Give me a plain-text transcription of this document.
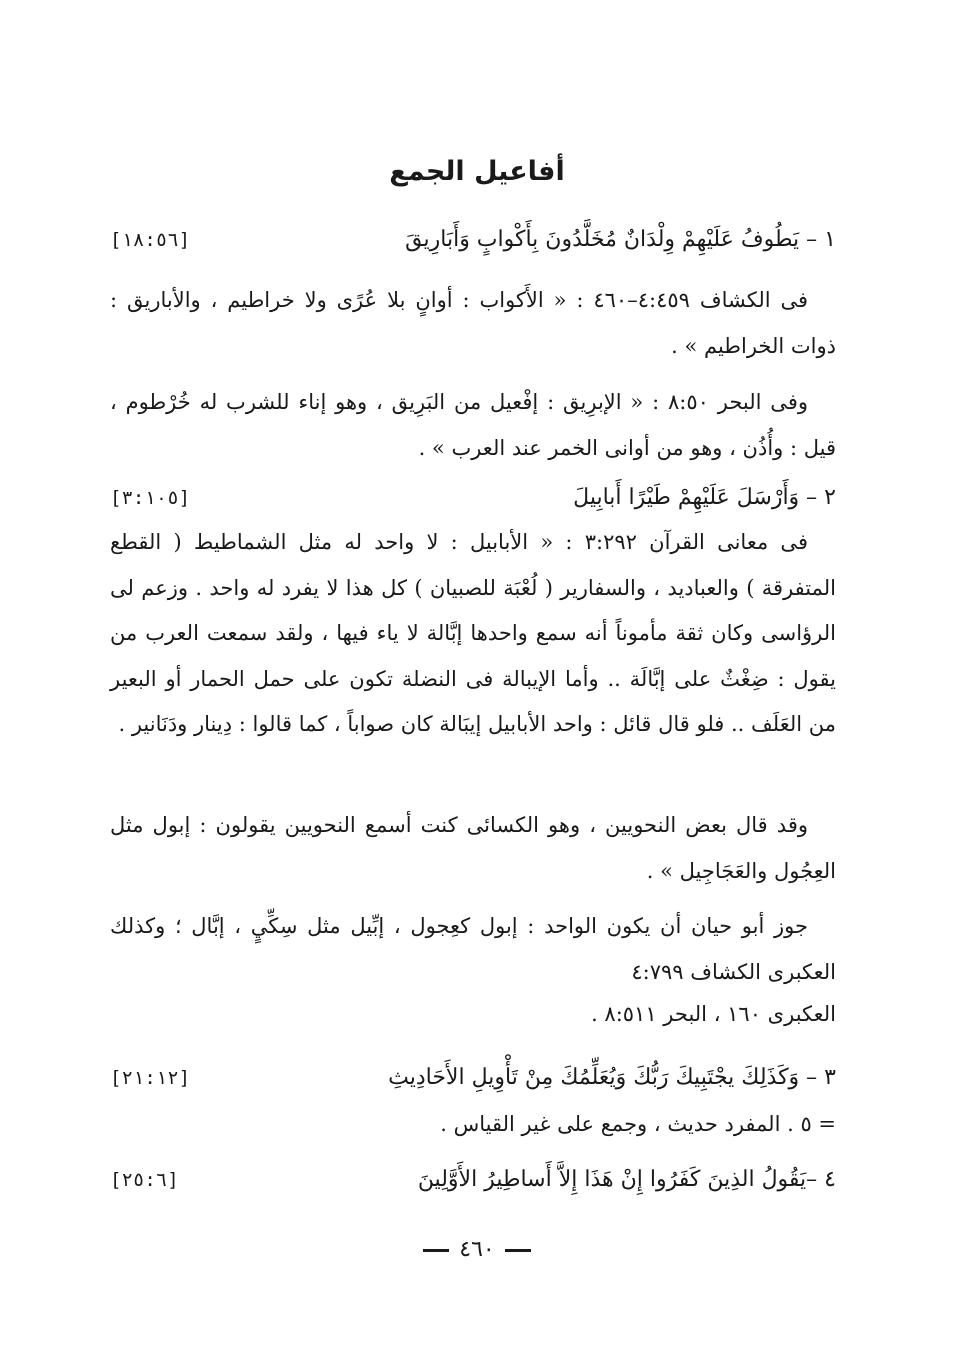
أفاعيل الجمع
١ – يَطُوفُ عَلَيْهِمْ وِلْدَانٌ مُخَلَّدُونَ بِأَكْوابٍ وَأَبَارِيقَ
[١٨:٥٦]
فى الكشاف ٤:٤٥٩–٤٦٠ : « الأَكواب : أوانٍ بلا عُرًى ولا خراطيم ، والأباريق : ذوات الخراطيم » .
وفى البحر ٨:٥٠ : « الإبرِيق : إفْعيل من البَرِيق ، وهو إناء للشرب له خُرْطوم ، قيل : وأُذُن ، وهو من أوانى الخمر عند العرب » .
٢ – وَأَرْسَلَ عَلَيْهِمْ طَيْرًا أَبابِيلَ
[٣:١٠٥]
فى معانى القرآن ٣:٢٩٢ : « الأبابيل : لا واحد له مثل الشماطيط ( القطع المتفرقة ) والعباديد ، والسفارير ( لُعْبَة للصبيان ) كل هذا لا يفرد له واحد . وزعم لى الرؤاسى وكان ثقة مأموناً أنه سمع واحدها إبَّالة لا ياء فيها ، ولقد سمعت العرب من يقول : ضِغْثٌ على إبَّالَة .. وأما الإيبالة فى النضلة تكون على حمل الحمار أو البعير من العَلَف .. فلو قال قائل : واحد الأبابيل إيبَالة كان صواباً ، كما قالوا : دِينار ودَنَانير .
وقد قال بعض النحويين ، وهو الكسائى كنت أسمع النحويين يقولون : إبول مثل العِجُول والعَجَاجِيل » .
جوز أبو حيان أن يكون الواحد : إبول كعِجول ، إبِّيل مثل سِكِّيٍ ، إبَّال ؛ وكذلك العكبرى الكشاف ٤:٧٩٩
العكبرى ١٦٠ ، البحر ٨:٥١١ .
٣ – وَكَذَلِكَ يجْتَبِيكَ رَبُّكَ وَيُعَلِّمُكَ مِنْ تَأْوِيلِ الأَحَادِيثِ
[٢١:١٢]
= ٥ . المفرد حديث ، وجمع على غير القياس .
٤ –يَقُولُ الذِينَ كَفَرُوا إِنْ هَذَا إِلاَّ أَساطِيرُ الأَوَّلِينَ
[٢٥:٦]
٤٦٠
